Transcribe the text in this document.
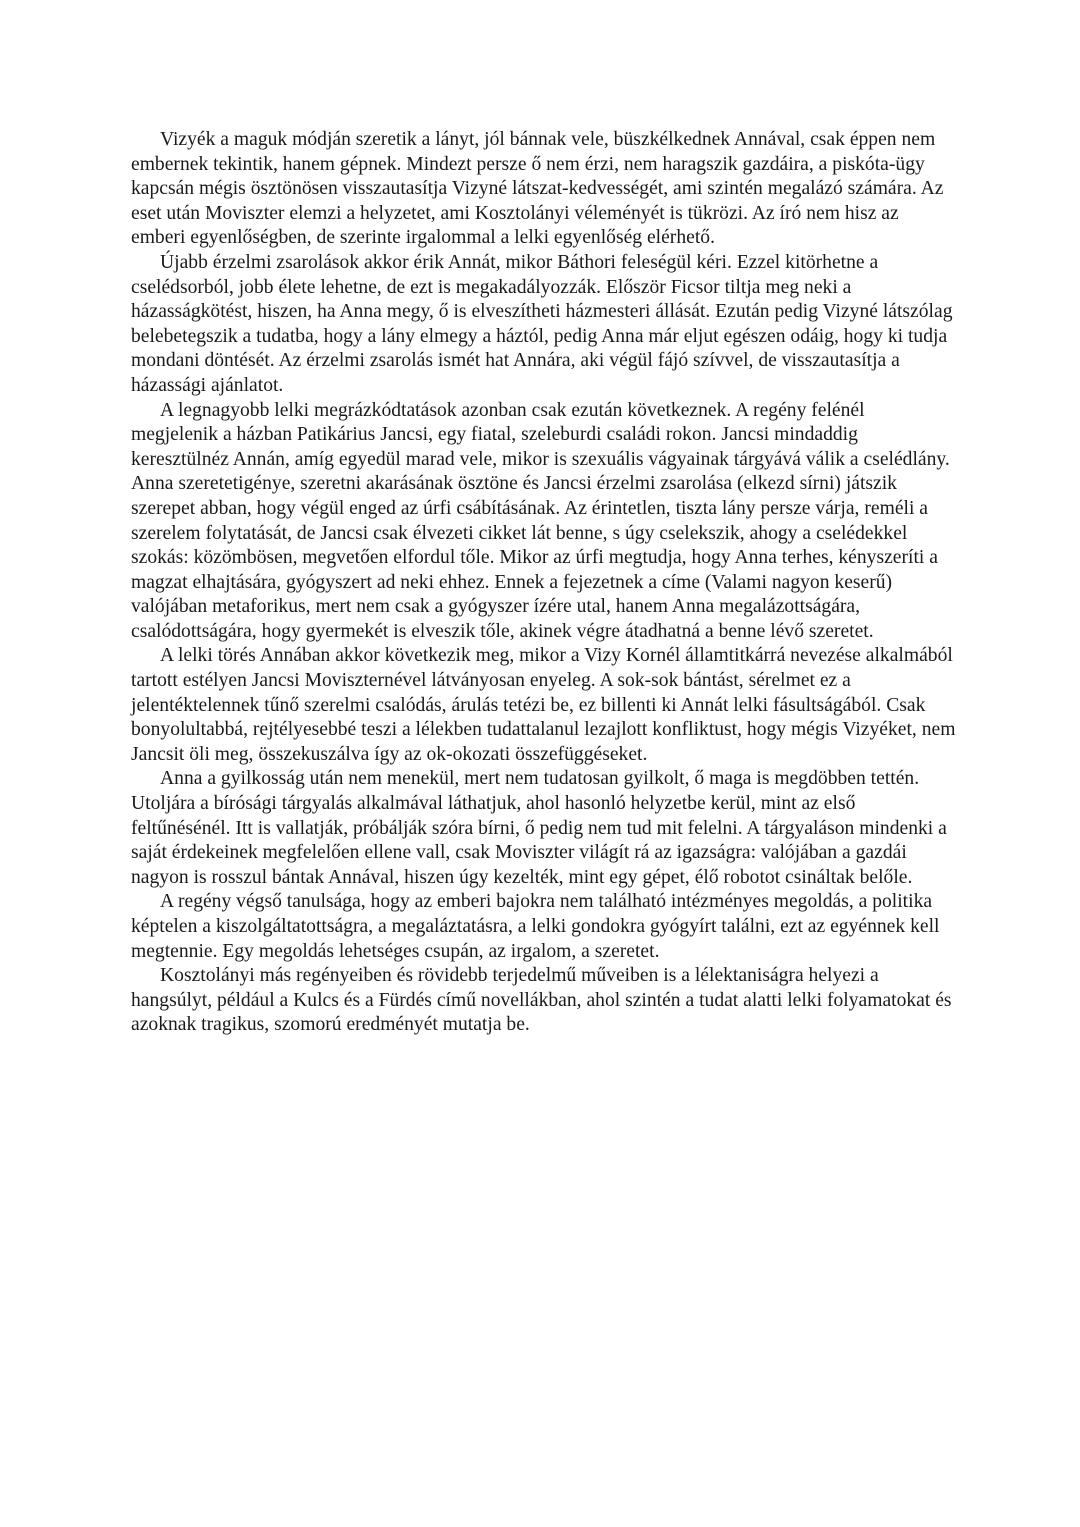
Vizyék a maguk módján szeretik a lányt, jól bánnak vele, büszkélkednek Annával, csak éppen nem embernek tekintik, hanem gépnek. Mindezt persze ő nem érzi, nem haragszik gazdáira, a piskóta-ügy kapcsán mégis ösztönösen visszautasítja Vizyné látszat-kedvességét, ami szintén megalázó számára. Az eset után Moviszter elemzi a helyzetet, ami Kosztolányi véleményét is tükrözi. Az író nem hisz az emberi egyenlőségben, de szerinte irgalommal a lelki egyenlőség elérhető.

Újabb érzelmi zsarolások akkor érik Annát, mikor Báthori feleségül kéri. Ezzel kitörhetne a cselédsorból, jobb élete lehetne, de ezt is megakadályozzák. Először Ficsor tiltja meg neki a házasságkötést, hiszen, ha Anna megy, ő is elveszítheti házmesteri állását. Ezután pedig Vizyné látszólag belebetegszik a tudatba, hogy a lány elmegy a háztól, pedig Anna már eljut egészen odáig, hogy ki tudja mondani döntését. Az érzelmi zsarolás ismét hat Annára, aki végül fájó szívvel, de visszautasítja a házassági ajánlatot.

A legnagyobb lelki megrázkódtatások azonban csak ezután következnek. A regény felénél megjelenik a házban Patikárius Jancsi, egy fiatal, szeleburdi családi rokon. Jancsi mindaddig keresztülnéz Annán, amíg egyedül marad vele, mikor is szexuális vágyainak tárgyává válik a cselédlány. Anna szeretetigénye, szeretni akarásának ösztöne és Jancsi érzelmi zsarolása (elkezd sírni) játszik szerepet abban, hogy végül enged az úrfi csábításának. Az érintetlen, tiszta lány persze várja, reméli a szerelem folytatását, de Jancsi csak élvezeti cikket lát benne, s úgy cselekszik, ahogy a cselédekkel szokás: közömbösen, megvetően elfordul tőle. Mikor az úrfi megtudja, hogy Anna terhes, kényszeríti a magzat elhajtására, gyógyszert ad neki ehhez. Ennek a fejezetnek a címe (Valami nagyon keserű) valójában metaforikus, mert nem csak a gyógyszer ízére utal, hanem Anna megalázottságára, csalódottságára, hogy gyermekét is elveszik tőle, akinek végre átadhatná a benne lévő szeretet.

A lelki törés Annában akkor következik meg, mikor a Vizy Kornél államtitkárrá nevezése alkalmából tartott estélyen Jancsi Moviszternével látványosan enyeleg. A sok-sok bántást, sérelmet ez a jelentéktelennek tűnő szerelmi csalódás, árulás tetézi be, ez billenti ki Annát lelki fásultságából. Csak bonyolultabbá, rejtélyesebbé teszi a lélekben tudattalanul lezajlott konfliktust, hogy mégis Vizyéket, nem Jancsit öli meg, összekuszálva így az ok-okozati összefüggéseket.

Anna a gyilkosság után nem menekül, mert nem tudatosan gyilkolt, ő maga is megdöbben tettén. Utoljára a bírósági tárgyalás alkalmával láthatjuk, ahol hasonló helyzetbe kerül, mint az első feltűnésénél. Itt is vallatják, próbálják szóra bírni, ő pedig nem tud mit felelni. A tárgyaláson mindenki a saját érdekeinek megfelelően ellene vall, csak Moviszter világít rá az igazságra: valójában a gazdái nagyon is rosszul bántak Annával, hiszen úgy kezelték, mint egy gépet, élő robotot csináltak belőle.

A regény végső tanulsága, hogy az emberi bajokra nem található intézményes megoldás, a politika képtelen a kiszolgáltatottságra, a megaláztatásra, a lelki gondokra gyógyírt találni, ezt az egyénnek kell megtennie. Egy megoldás lehetséges csupán, az irgalom, a szeretet.

Kosztolányi más regényeiben és rövidebb terjedelmű műveiben is a lélektaniságra helyezi a hangsúlyt, például a Kulcs és a Fürdés című novellákban, ahol szintén a tudat alatti lelki folyamatokat és azoknak tragikus, szomorú eredményét mutatja be.
